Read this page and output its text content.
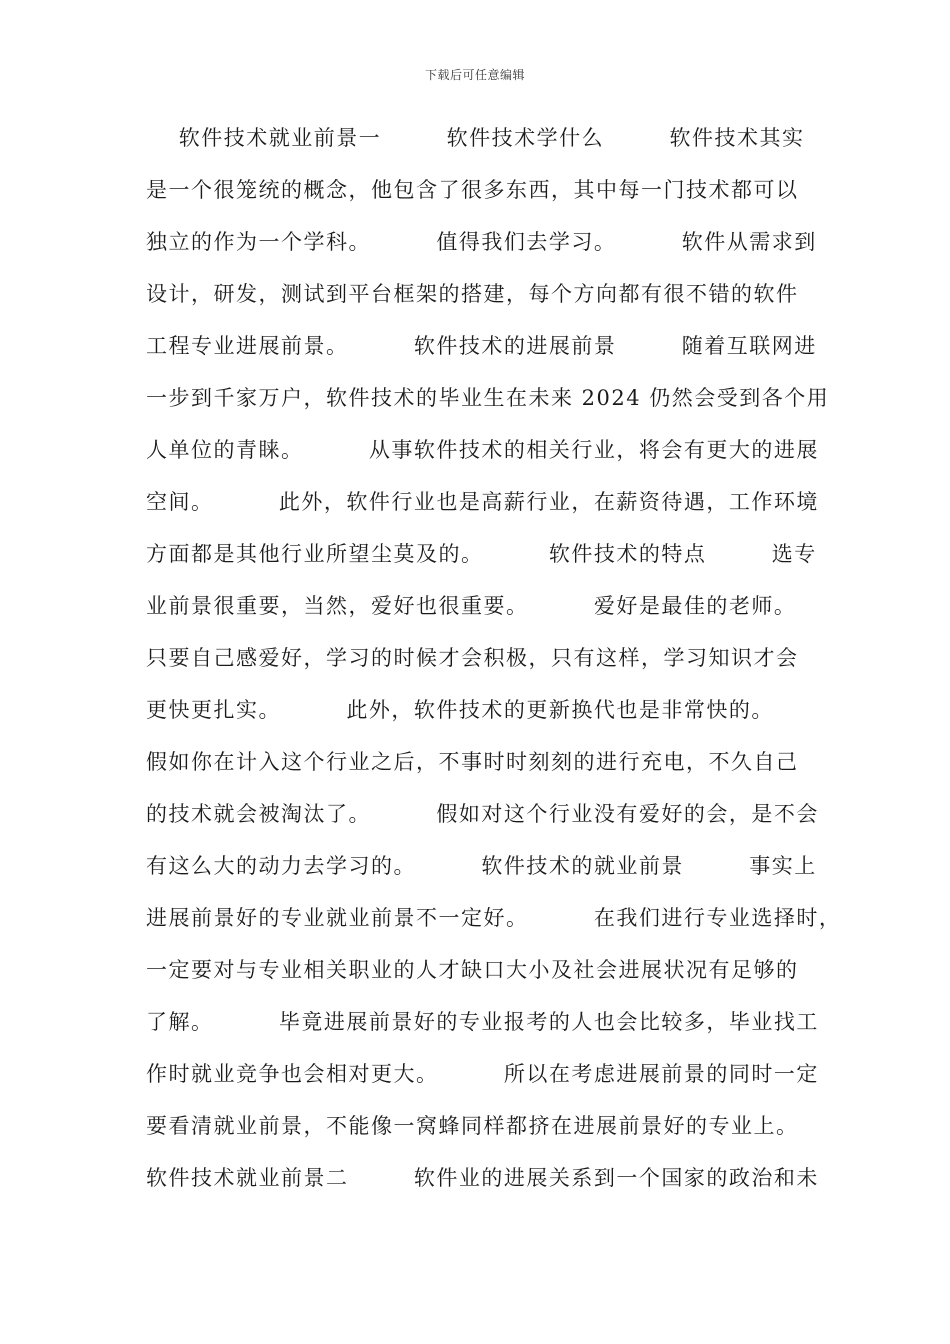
下载后可任意编辑
软件技术就业前景一        软件技术学什么        软件技术其实
是一个很笼统的概念，他包含了很多东西，其中每一门技术都可以
独立的作为一个学科。        值得我们去学习。        软件从需求到
设计，研发，测试到平台框架的搭建，每个方向都有很不错的软件
工程专业进展前景。        软件技术的进展前景        随着互联网进
一步到千家万户，软件技术的毕业生在未来 2024 仍然会受到各个用
人单位的青睐。        从事软件技术的相关行业，将会有更大的进展
空间。        此外，软件行业也是高薪行业，在薪资待遇，工作环境
方面都是其他行业所望尘莫及的。        软件技术的特点        选专
业前景很重要，当然，爱好也很重要。        爱好是最佳的老师。
只要自己感爱好，学习的时候才会积极，只有这样，学习知识才会
更快更扎实。        此外，软件技术的更新换代也是非常快的。
假如你在计入这个行业之后，不事时时刻刻的进行充电，不久自己
的技术就会被淘汰了。        假如对这个行业没有爱好的会，是不会
有这么大的动力去学习的。        软件技术的就业前景        事实上
进展前景好的专业就业前景不一定好。        在我们进行专业选择时，
一定要对与专业相关职业的人才缺口大小及社会进展状况有足够的
了解。        毕竟进展前景好的专业报考的人也会比较多，毕业找工
作时就业竞争也会相对更大。        所以在考虑进展前景的同时一定
要看清就业前景，不能像一窝蜂同样都挤在进展前景好的专业上。
软件技术就业前景二        软件业的进展关系到一个国家的政治和未
